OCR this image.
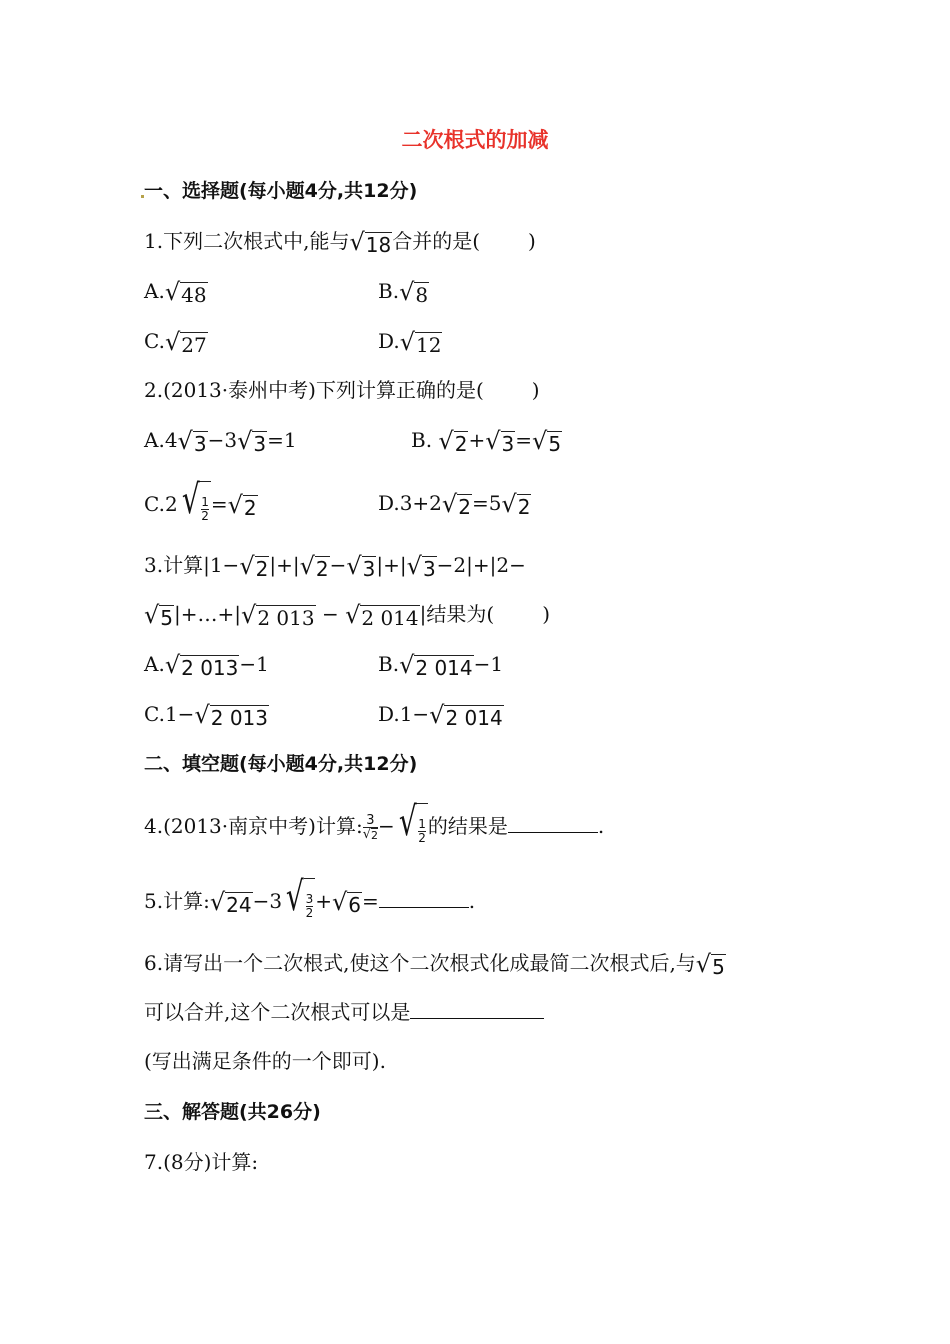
二次根式的加减
一、选择题(每小题4分,共12分)
1.下列二次根式中,能与 √ 18 合并的是( )
A. √ 48	B. √ 8
C. √ 27	D. √ 12
2.(2013·泰州中考)下列计算正确的是( )
A.4 √ 3 −3 √ 3 =1	B. √ 2 + √ 3 = √ 5
C.2 √ $\frac{1}{2}$ = √ 2	D.3+2 √ 2 =5 √ 2
3.计算|1− √ 2 |+| √ 2 − √ 3 |+| √ 3 −2|+|2−
√ 5 |+…+| √ 2 013 − √ 2 014 |结果为( )
A. √ 2 013 −1	B. √ 2 014 −1
C.1− √ 2 013	D.1− √ 2 014
二、填空题(每小题4分,共12分)
4.(2013·南京中考)计算: $\frac{3}{√ 2}$ − √ $\frac{1}{2}$ 的结果是	.
5.计算: √ 24 −3 √ $\frac{3}{2}$ + √ 6 =	.
6.请写出一个二次根式,使这个二次根式化成最简二次根式后,与 √ 5
可以合并,这个二次根式可以是
(写出满足条件的一个即可).
三、解答题(共26分)
7.(8分)计算:
